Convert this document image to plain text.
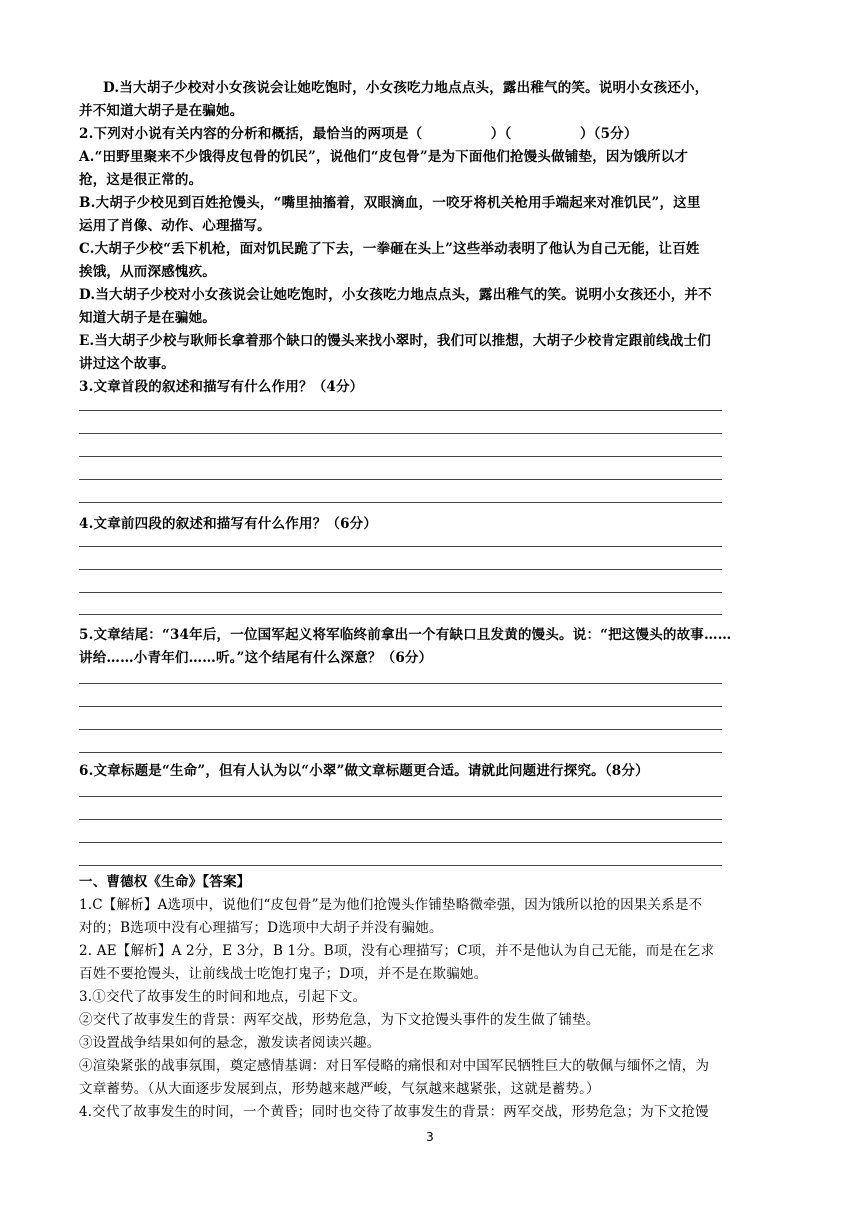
D.当大胡子少校对小女孩说会让她吃饱时，小女孩吃力地点点头，露出稚气的笑。说明小女孩还小，
并不知道大胡子是在骗她。
2.下列对小说有关内容的分析和概括，最恰当的两项是（　　　　　）（　　　　　）（5分）
A.“田野里聚来不少饿得皮包骨的饥民”，说他们“皮包骨”是为下面他们抢馒头做铺垫，因为饿所以才
抢，这是很正常的。
B.大胡子少校见到百姓抢馒头，“嘴里抽搐着，双眼滴血，一咬牙将机关枪用手端起来对准饥民”，这里
运用了肖像、动作、心理描写。
C.大胡子少校“丢下机枪，面对饥民跪了下去，一拳砸在头上”这些举动表明了他认为自己无能，让百姓
挨饿，从而深感愧疚。
D.当大胡子少校对小女孩说会让她吃饱时，小女孩吃力地点点头，露出稚气的笑。说明小女孩还小，并不
知道大胡子是在骗她。
E.当大胡子少校与耿师长拿着那个缺口的馒头来找小翠时，我们可以推想，大胡子少校肯定跟前线战士们
讲过这个故事。
3.文章首段的叙述和描写有什么作用？（4分）
4.文章前四段的叙述和描写有什么作用？（6分）
5.文章结尾：“34年后，一位国军起义将军临终前拿出一个有缺口且发黄的馒头。说：“把这馒头的故事……
讲给……小青年们……听。”这个结尾有什么深意？（6分）
6.文章标题是“生命”，但有人认为以“小翠”做文章标题更合适。请就此问题进行探究。（8分）
一、曹德权《生命》【答案】
1.C【解析】A选项中，说他们“皮包骨”是为他们抢馒头作铺垫略微牵强，因为饿所以抢的因果关系是不
对的；B选项中没有心理描写；D选项中大胡子并没有骗她。
2. AE【解析】A 2分，E 3分，B 1分。B项，没有心理描写；C项，并不是他认为自己无能，而是在乞求
百姓不要抢馒头，让前线战士吃饱打鬼子；D项，并不是在欺骗她。
3.①交代了故事发生的时间和地点，引起下文。
②交代了故事发生的背景：两军交战，形势危急，为下文抢馒头事件的发生做了铺垫。
③设置战争结果如何的悬念，激发读者阅读兴趣。
④渲染紧张的战事氛围，奠定感情基调：对日军侵略的痛恨和对中国军民牺牲巨大的敬佩与缅怀之情，为
文章蓄势。（从大面逐步发展到点，形势越来越严峻，气氛越来越紧张，这就是蓄势。）
4.交代了故事发生的时间，一个黄昏；同时也交待了故事发生的背景：两军交战，形势危急；为下文抢馒
3
